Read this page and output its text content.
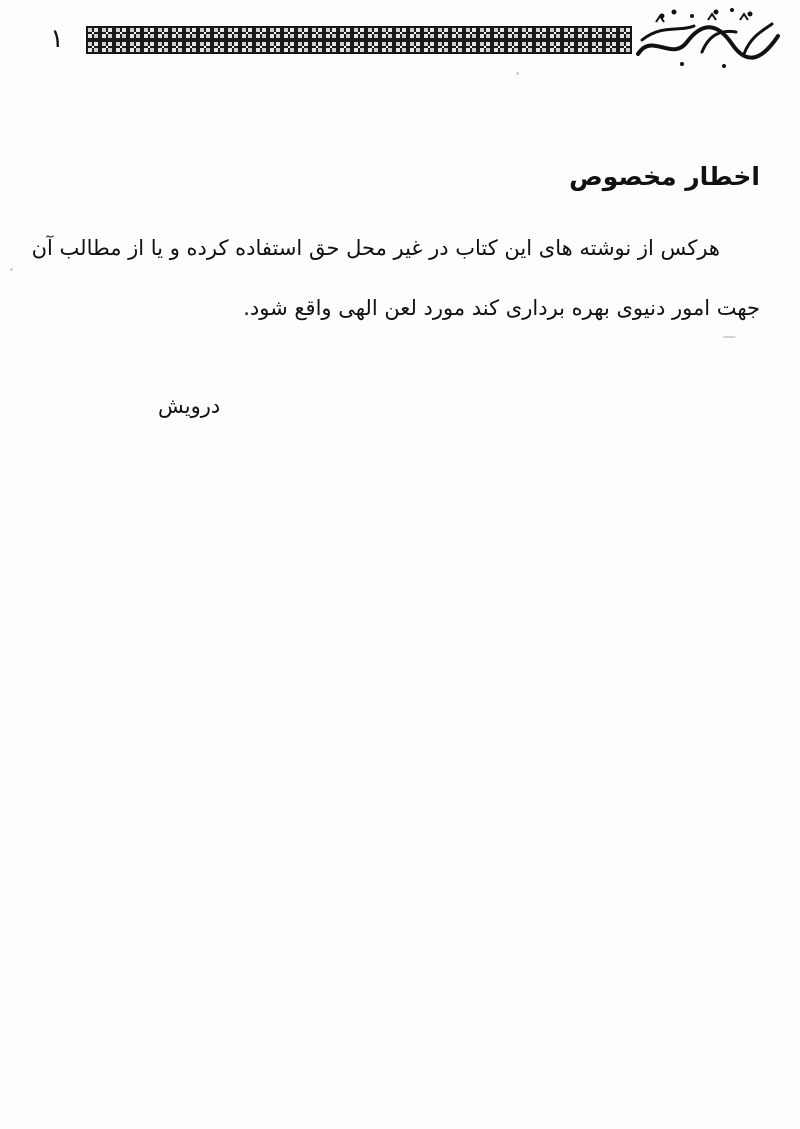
۱
اخطار مخصوص
هرکس از نوشته های این کتاب در غیر محل حق استفاده کرده و یا از مطالب آن
جهت امور دنیوی بهره برداری کند مورد لعن الهی واقع شود.
درویش
